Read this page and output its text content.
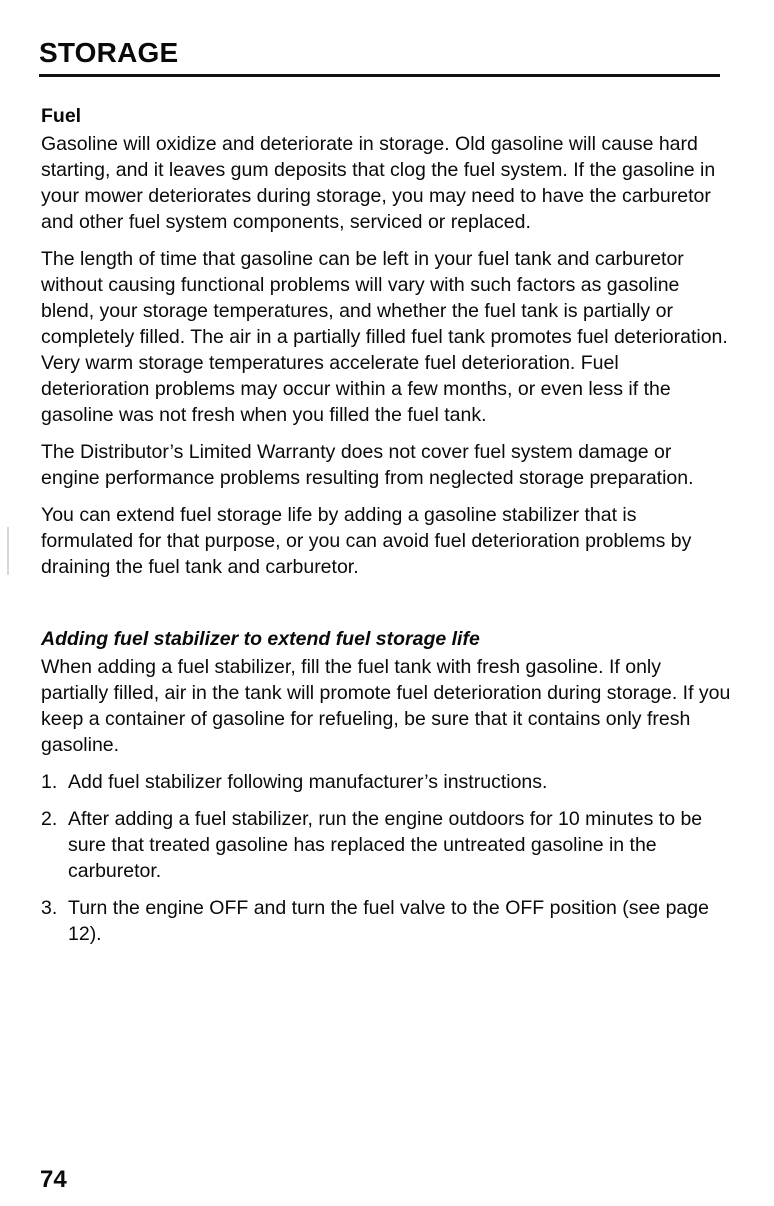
STORAGE
Fuel

Gasoline will oxidize and deteriorate in storage. Old gasoline will cause hard starting, and it leaves gum deposits that clog the fuel system. If the gasoline in your mower deteriorates during storage, you may need to have the carburetor and other fuel system components, serviced or replaced.

The length of time that gasoline can be left in your fuel tank and carburetor without causing functional problems will vary with such factors as gasoline blend, your storage temperatures, and whether the fuel tank is partially or completely filled. The air in a partially filled fuel tank promotes fuel deterioration. Very warm storage temperatures accelerate fuel deterioration. Fuel deterioration problems may occur within a few months, or even less if the gasoline was not fresh when you filled the fuel tank.

The Distributor’s Limited Warranty does not cover fuel system damage or engine performance problems resulting from neglected storage preparation.

You can extend fuel storage life by adding a gasoline stabilizer that is formulated for that purpose, or you can avoid fuel deterioration problems by draining the fuel tank and carburetor.

Adding fuel stabilizer to extend fuel storage life

When adding a fuel stabilizer, fill the fuel tank with fresh gasoline. If only partially filled, air in the tank will promote fuel deterioration during storage. If you keep a container of gasoline for refueling, be sure that it contains only fresh gasoline.

1. Add fuel stabilizer following manufacturer’s instructions.
2. After adding a fuel stabilizer, run the engine outdoors for 10 minutes to be sure that treated gasoline has replaced the untreated gasoline in the carburetor.
3. Turn the engine OFF and turn the fuel valve to the OFF position (see page 12).

74
